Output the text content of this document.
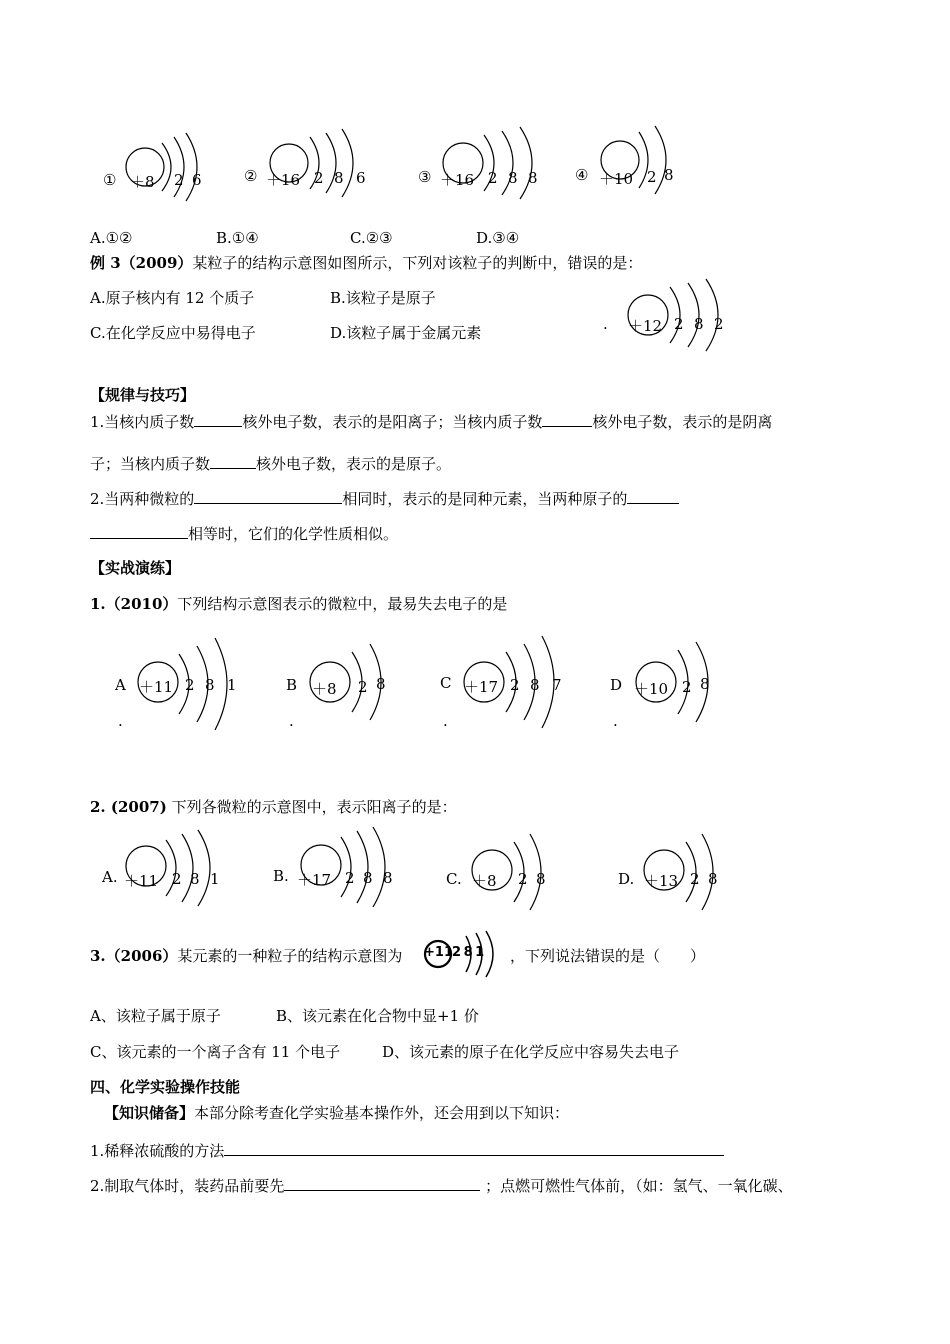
① ＋8 2 6	② ＋16 2 8 6	③ ＋16 2 8 8 ④ ＋10 2 8
A.①②	B.①④	C.②③	D.③④
例 3（2009）某粒子的结构示意图如图所示，下列对该粒子的判断中，错误的是：
A.原子核内有 12 个质子	B.该粒子是原子
C.在化学反应中易得电子	D.该粒子属于金属元素	. ＋12 2 8 2
【规律与技巧】
1.当核内质子数	核外电子数，表示的是阳离子；当核内质子数	核外电子数，表示的是阴离
子；当核内质子数	核外电子数，表示的是原子。
2.当两种微粒的	相同时，表示的是同种元素，当两种原子的
相等时，它们的化学性质相似。
【实战演练】
1.（2010）下列结构示意图表示的微粒中，最易失去电子的是
A ＋11 2 8 1
.
B ＋8 2 8
.
C ＋17 2 8 7
.
D ＋10 2 8
.
2. (2007) 下列各微粒的示意图中，表示阳离子的是：
A. ＋11 2 8 1	B. ＋17 2 8 8	C. ＋8 2 8	D. ＋13 2 8
3.（2006）某元素的一种粒子的结构示意图为 +11 2 8 1 ，下列说法错误的是（　　）
A、该粒子属于原子	B、该元素在化合物中显+1 价
C、该元素的一个离子含有 11 个电子	D、该元素的原子在化学反应中容易失去电子
四、化学实验操作技能
【知识储备】本部分除考查化学实验基本操作外，还会用到以下知识：
1.稀释浓硫酸的方法
2.制取气体时，装药品前要先	；点燃可燃性气体前，（如：氢气、一氧化碳、
